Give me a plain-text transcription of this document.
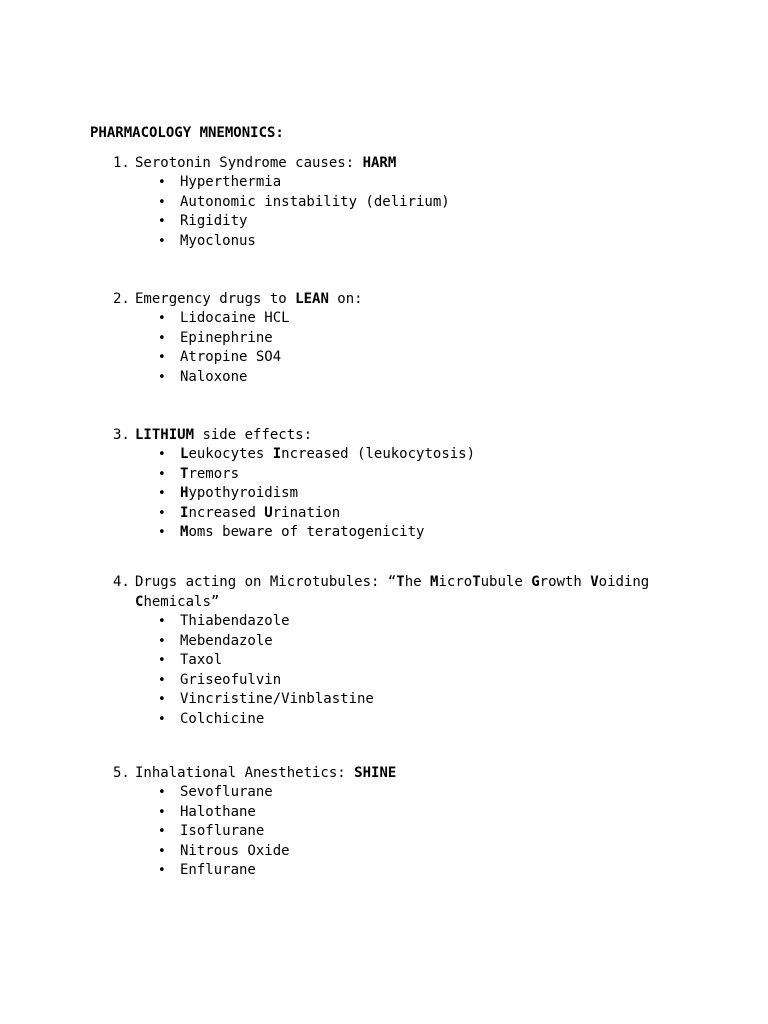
PHARMACOLOGY MNEMONICS:
1. Serotonin Syndrome causes: HARM
• Hyperthermia
• Autonomic instability (delirium)
• Rigidity
• Myoclonus
2. Emergency drugs to LEAN on:
• Lidocaine HCL
• Epinephrine
• Atropine SO4
• Naloxone
3. LITHIUM side effects:
• Leukocytes Increased (leukocytosis)
• Tremors
• Hypothyroidism
• Increased Urination
• Moms beware of teratogenicity
4. Drugs acting on Microtubules: “The MicroTubule Growth Voiding Chemicals”
• Thiabendazole
• Mebendazole
• Taxol
• Griseofulvin
• Vincristine/Vinblastine
• Colchicine
5. Inhalational Anesthetics: SHINE
• Sevoflurane
• Halothane
• Isoflurane
• Nitrous Oxide
• Enflurane
